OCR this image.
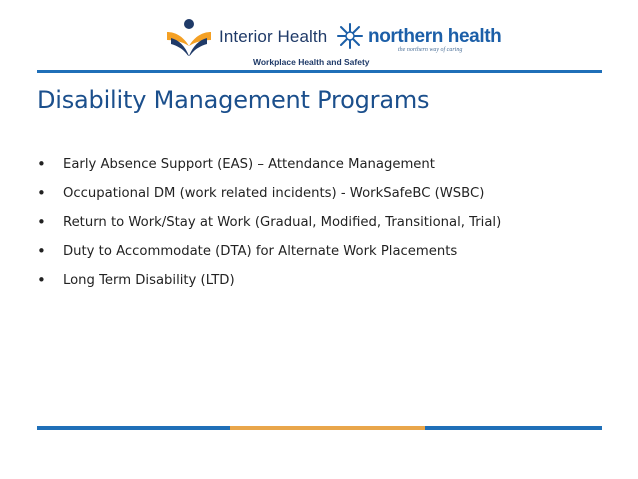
Interior Health northern health
the northern way of caring
Workplace Health and Safety
Disability Management Programs
• Early Absence Support (EAS) – Attendance Management
• Occupational DM (work related incidents) - WorkSafeBC (WSBC)
• Return to Work/Stay at Work (Gradual, Modified, Transitional, Trial)
• Duty to Accommodate (DTA) for Alternate Work Placements
• Long Term Disability (LTD)
